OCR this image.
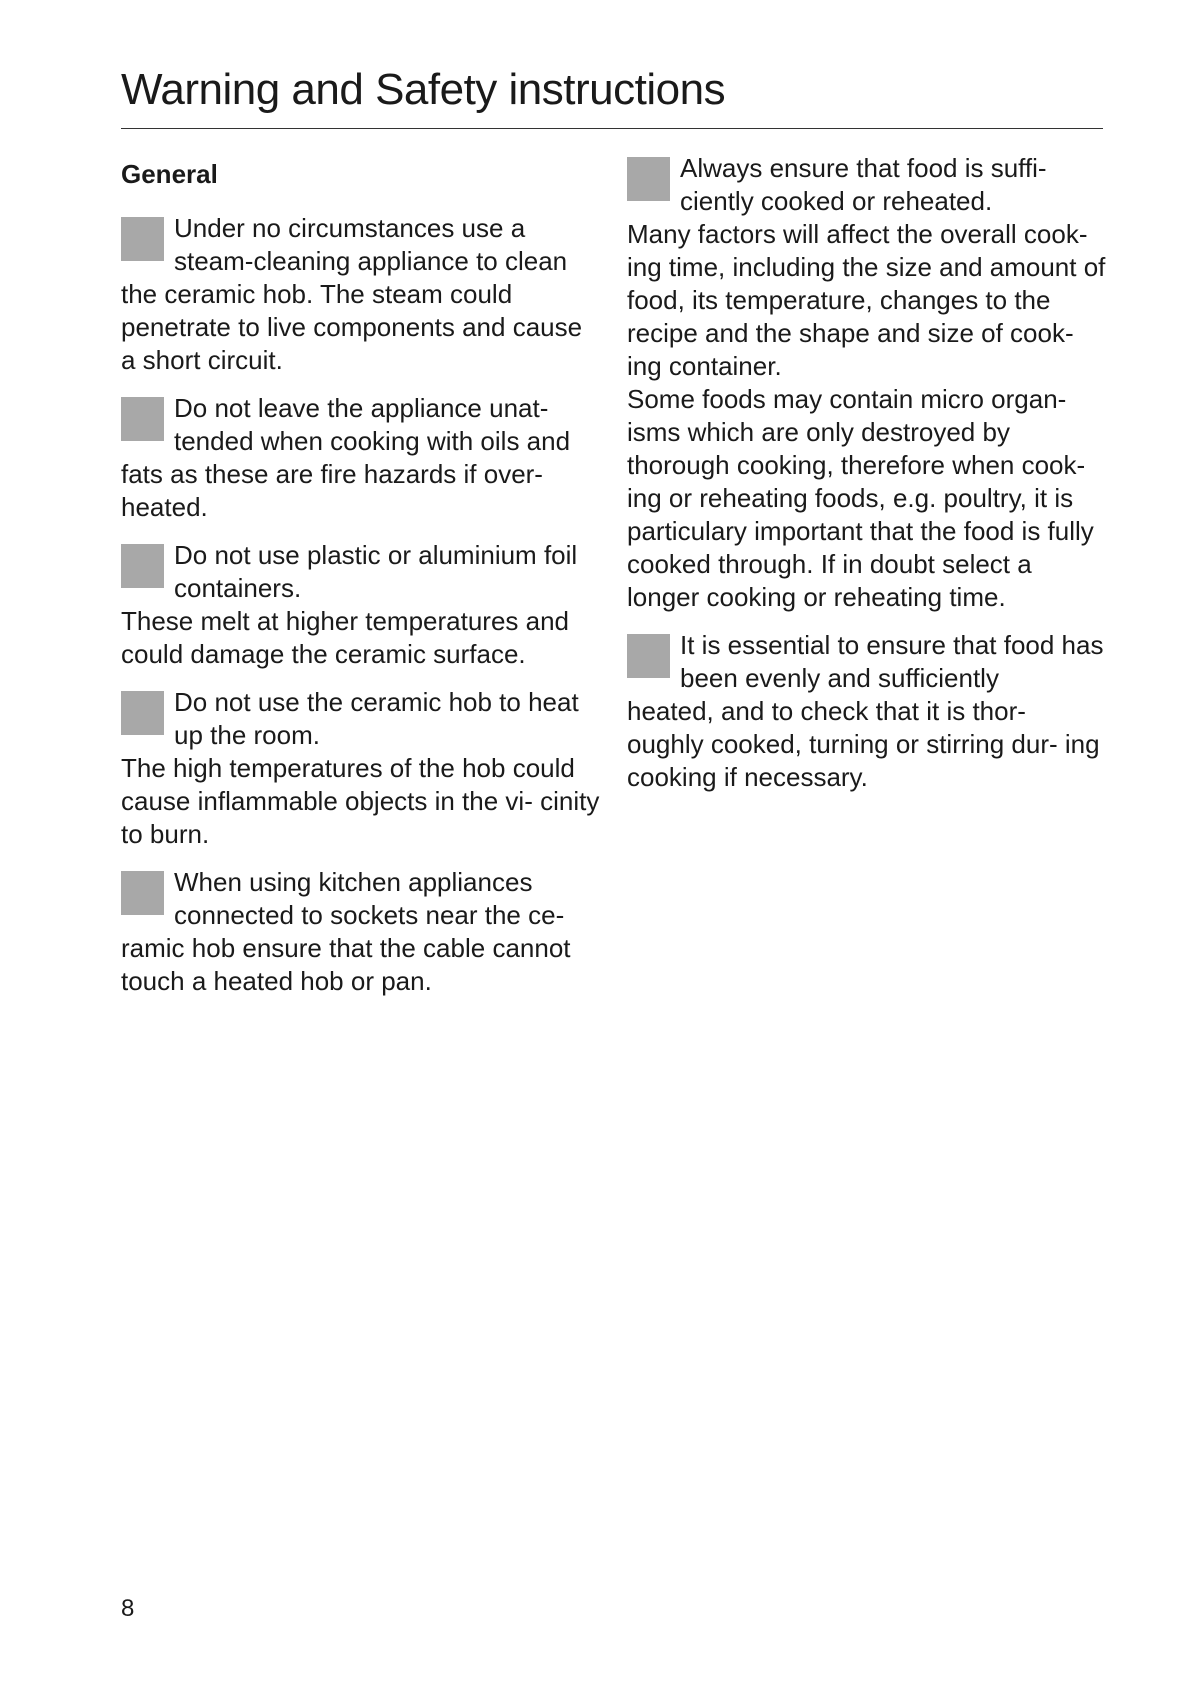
Warning and Safety instructions
General
Under no circumstances use a steam-cleaning appliance to clean

the ceramic hob. The steam could penetrate to live components and cause a short circuit.

Do not leave the appliance unat- tended when cooking with oils and

fats as these are fire hazards if over- heated.

Do not use plastic or aluminium foil containers.

These melt at higher temperatures and could damage the ceramic surface.

Do not use the ceramic hob to heat up the room.

The high temperatures of the hob could cause inflammable objects in the vi- cinity to burn.

When using kitchen appliances connected to sockets near the ce-

ramic hob ensure that the cable cannot touch a heated hob or pan.

Always ensure that food is suffi- ciently cooked or reheated.

Many factors will affect the overall cook- ing time, including the size and amount of food, its temperature, changes to the recipe and the shape and size of cook- ing container.

Some foods may contain micro organ- isms which are only destroyed by thorough cooking, therefore when cook- ing or reheating foods, e.g. poultry, it is particulary important that the food is fully cooked through. If in doubt select a longer cooking or reheating time.

It is essential to ensure that food has been evenly and sufficiently

heated, and to check that it is thor- oughly cooked, turning or stirring dur- ing cooking if necessary.

8
